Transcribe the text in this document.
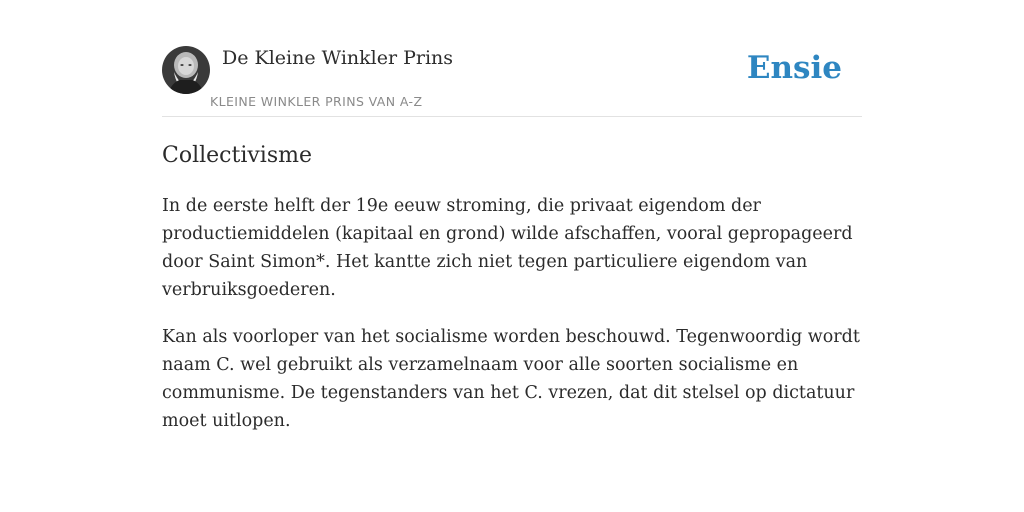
De Kleine Winkler Prins
KLEINE WINKLER PRINS VAN A-Z
Ensie
Collectivisme

In de eerste helft der 19e eeuw stroming, die privaat eigendom der productiemiddelen (kapitaal en grond) wilde afschaffen, vooral gepropageerd door Saint Simon*. Het kantte zich niet tegen particuliere eigendom van verbruiksgoederen.

Kan als voorloper van het socialisme worden beschouwd. Tegenwoordig wordt naam C. wel gebruikt als verzamelnaam voor alle soorten socialisme en communisme. De tegenstanders van het C. vrezen, dat dit stelsel op dictatuur moet uitlopen.
